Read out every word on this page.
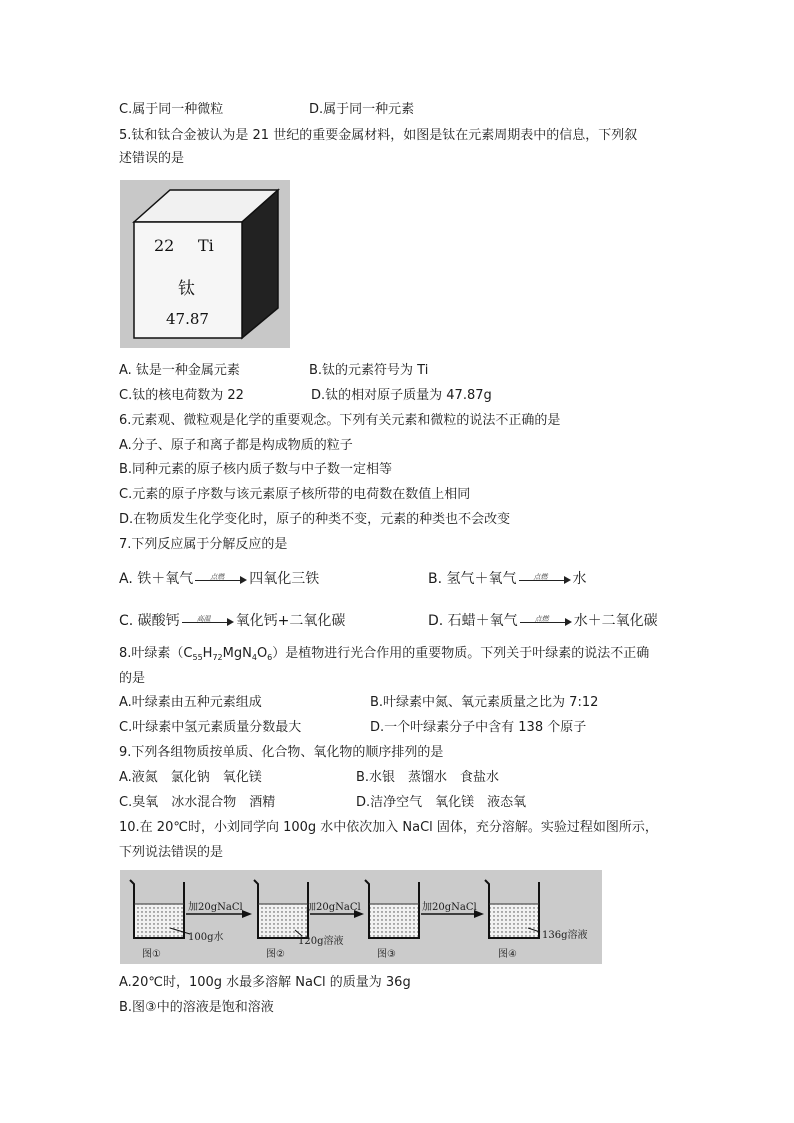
C.属于同一种微粒	D.属于同一种元素
5.钛和钛合金被认为是 21 世纪的重要金属材料，如图是钛在元素周期表中的信息，下列叙
述错误的是
22 Ti
钛
47.87
A. 钛是一种金属元素	B.钛的元素符号为 Ti
C.钛的核电荷数为 22	D.钛的相对原子质量为 47.87g
6.元素观、微粒观是化学的重要观念。下列有关元素和微粒的说法不正确的是
A.分子、原子和离子都是构成物质的粒子
B.同种元素的原子核内质子数与中子数一定相等
C.元素的原子序数与该元素原子核所带的电荷数在数值上相同
D.在物质发生化学变化时，原子的种类不变，元素的种类也不会改变
7.下列反应属于分解反应的是
A. 铁＋氧气	点燃	四氧化三铁	B. 氢气＋氧气	点燃	水
C. 碳酸钙	高温	氧化钙+二氧化碳	D. 石蜡＋氧气	点燃	水＋二氧化碳
8.叶绿素$(C_{55}H_{72}MgN_4O_6)$是植物进行光合作用的重要物质。下列关于叶绿素的说法不正确
的是
A.叶绿素由五种元素组成	B.叶绿素中氮、氧元素质量之比为 7:12
C.叶绿素中氢元素质量分数最大	D.一个叶绿素分子中含有 138 个原子
9.下列各组物质按单质、化合物、氧化物的顺序排列的是
A.液氮　氯化钠　氧化镁	B.水银　蒸馏水　食盐水
C.臭氧　冰水混合物　酒精	D.洁净空气　氧化镁　液态氧
10.在 20℃时，小刘同学向 100g 水中依次加入 NaCl 固体，充分溶解。实验过程如图所示，
下列说法错误的是
加20gNaCl	加20gNaCl	加20gNaCl
100g水	120g溶液
136g溶液
图①	图②	图③	图④
A.20℃时，100g 水最多溶解 NaCl 的质量为 36g
B.图③中的溶液是饱和溶液
